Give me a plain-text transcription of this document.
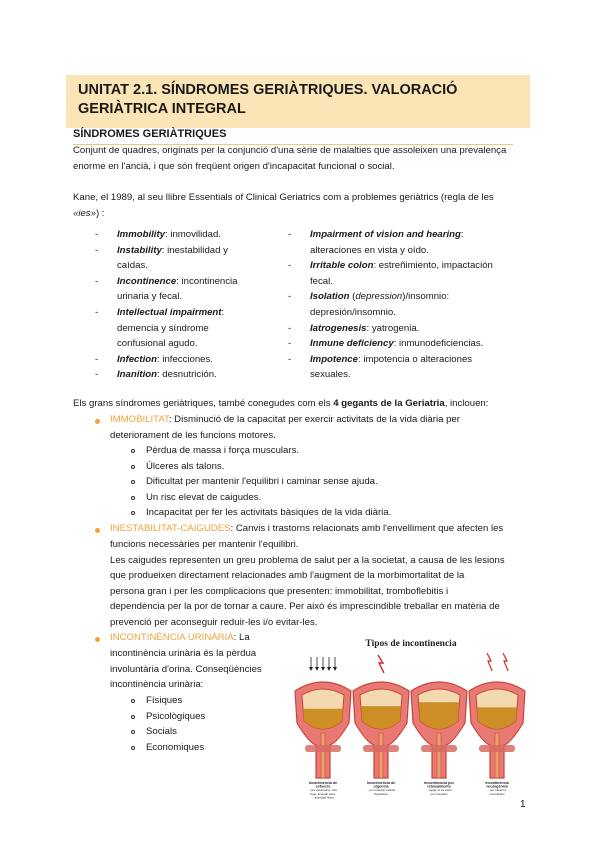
UNITAT 2.1. SÍNDROMES GERIÀTRIQUES. VALORACIÓ GERIÀTRICA INTEGRAL
SÍNDROMES GERIÀTRIQUES

Conjunt de quadres, originats per la conjunció d'una sèrie de malalties que assoleixen una prevalença enorme en l'ancià, i que són freqüent origen d'incapacitat funcional o social.

Kane, el 1989, al seu llibre Essentials of Clinical Geriatrics com a problemes geriàtrics (regla de les
«ies») :
- Immobility: inmovilidad.
- Instability: inestabilidad y
caídas.
- Incontinence: incontinencia
urinaria y fecal.
- Intellectual impairment:
demencia y síndrome
confusional agudo.
- Infection: infecciones.
- Inanition: desnutrición.
- Impairment of vision and hearing:
alteraciones en vista y oído.
- Irritable colon: estreñimiento, impactación
fecal.
- Isolation (depression)/insomnio:
depresión/insomnio.
- Iatrogenesis: yatrogenia.
- Inmune deficiency: inmunodeficiencias.
- Impotence: impotencia o alteraciones
sexuales.
Els grans síndromes geriàtriques, també conegudes com els 4 gegants de la Geriatria, inclouen:
IMMOBILITAT: Disminució de la capacitat per exercir activitats de la vida diària per
deteriorament de les funcions motores.
Pèrdua de massa i força musculars.
Úlceres als talons.
Dificultat per mantenir l'equilibri i caminar sense ajuda.
Un risc elevat de caigudes.
Incapacitat per fer les activitats bàsiques de la vida diària.
INESTABILITAT-CAIGUDES: Canvis i trastorns relacionats amb l'envelliment que afecten les
funcions necessàries per mantenir l'equilibri.
Les caigudes representen un greu problema de salut per a la societat, a causa de les lesions
que produeixen directament relacionades amb l'augment de la morbimortalitat de la
persona gran i per les complicacions que presenten: immobilitat, tromboflebitis i
dependència per la por de tornar a caure. Per això és imprescindible treballar en matèria de
prevenció per aconseguir reduir-les i/o evitar-les.
INCONTINÈNCIA URINÀRIA: La
incontinència urinària és la pèrdua
involuntària d'orina. Conseqüències
incontinència urinària:
Físiques
Psicològiques
Socials
Economiques
Tipos de incontinencia
Incontinencia de
esfuerzo
...por estornudos, risa,
toser, levantar peso,
...actividad física
Incontinencia de
urgencia
...por músculo vesical
hiperactivo
Incontinencia por
rebosamiento
...vejiga no se vacía
por completo
Incontinencia
neurogénica
...por trastorno
neurológico
1
